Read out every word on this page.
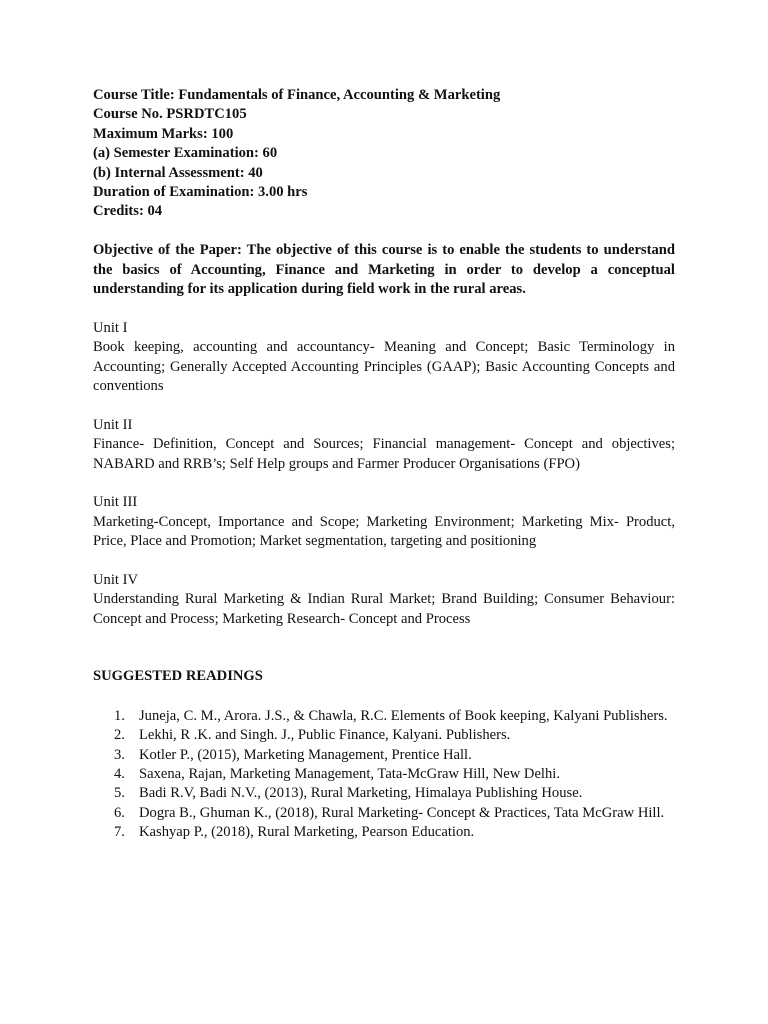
Course Title: Fundamentals of Finance, Accounting & Marketing
Course No. PSRDTC105
Maximum Marks: 100
(a) Semester Examination: 60
(b) Internal Assessment: 40
Duration of Examination: 3.00 hrs
Credits: 04
Objective of the Paper: The objective of this course is to enable the students to understand the basics of Accounting, Finance and Marketing in order to develop a conceptual understanding for its application during field work in the rural areas.
Unit I
Book keeping, accounting and accountancy- Meaning and Concept; Basic Terminology in Accounting; Generally Accepted Accounting Principles (GAAP); Basic Accounting Concepts and conventions
Unit II
Finance- Definition, Concept and Sources; Financial management- Concept and objectives; NABARD and RRB’s; Self Help groups and Farmer Producer Organisations (FPO)
Unit III
Marketing-Concept, Importance and Scope; Marketing Environment; Marketing Mix- Product, Price, Place and Promotion; Market segmentation, targeting and positioning
Unit IV
Understanding Rural Marketing & Indian Rural Market; Brand Building; Consumer Behaviour: Concept and Process; Marketing Research- Concept and Process
SUGGESTED READINGS
1. Juneja, C. M., Arora. J.S., & Chawla, R.C. Elements of Book keeping, Kalyani Publishers.
2. Lekhi, R .K. and Singh. J., Public Finance, Kalyani. Publishers.
3. Kotler P., (2015), Marketing Management, Prentice Hall.
4. Saxena, Rajan, Marketing Management, Tata-McGraw Hill, New Delhi.
5. Badi R.V, Badi N.V., (2013), Rural Marketing, Himalaya Publishing House.
6. Dogra B., Ghuman K., (2018), Rural Marketing- Concept & Practices, Tata McGraw Hill.
7. Kashyap P., (2018), Rural Marketing, Pearson Education.
